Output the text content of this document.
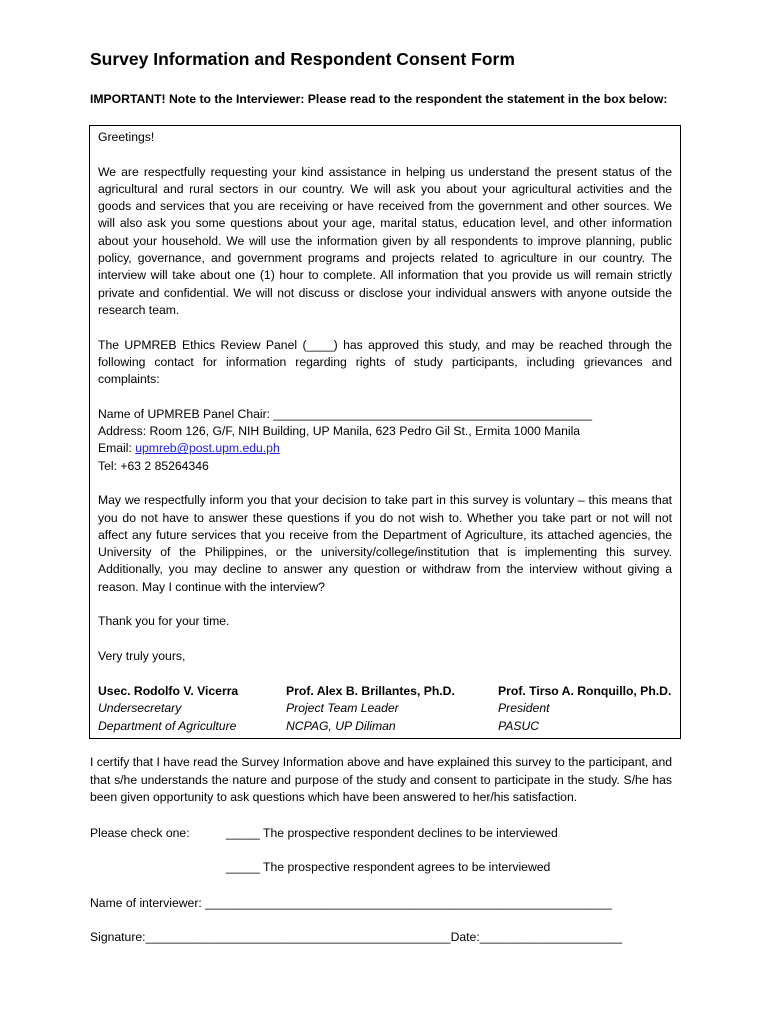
Survey Information and Respondent Consent Form
IMPORTANT! Note to the Interviewer: Please read to the respondent the statement in the box below:

Greetings!

We are respectfully requesting your kind assistance in helping us understand the present status of the agricultural and rural sectors in our country. We will ask you about your agricultural activities and the goods and services that you are receiving or have received from the government and other sources. We will also ask you some questions about your age, marital status, education level, and other information about your household. We will use the information given by all respondents to improve planning, public policy, governance, and government programs and projects related to agriculture in our country. The interview will take about one (1) hour to complete. All information that you provide us will remain strictly private and confidential. We will not discuss or disclose your individual answers with anyone outside the research team.

The UPMREB Ethics Review Panel (____) has approved this study, and may be reached through the following contact for information regarding rights of study participants, including grievances and complaints:

Name of UPMREB Panel Chair: _______________________________________________
Address: Room 126, G/F, NIH Building, UP Manila, 623 Pedro Gil St., Ermita 1000 Manila
Email: upmreb@post.upm.edu.ph
Tel: +63 2 85264346

May we respectfully inform you that your decision to take part in this survey is voluntary – this means that you do not have to answer these questions if you do not wish to. Whether you take part or not will not affect any future services that you receive from the Department of Agriculture, its attached agencies, the University of the Philippines, or the university/college/institution that is implementing this survey. Additionally, you may decline to answer any question or withdraw from the interview without giving a reason. May I continue with the interview?

Thank you for your time.

Very truly yours,

Usec. Rodolfo V. Vicerra
Undersecretary
Department of Agriculture
Prof. Alex B. Brillantes, Ph.D.
Project Team Leader
NCPAG, UP Diliman
Prof. Tirso A. Ronquillo, Ph.D.
President
PASUC

I certify that I have read the Survey Information above and have explained this survey to the participant, and that s/he understands the nature and purpose of the study and consent to participate in the study. S/he has been given opportunity to ask questions which have been answered to her/his satisfaction.

Please check one:	_____ The prospective respondent declines to be interviewed
_____ The prospective respondent agrees to be interviewed
Name of interviewer: ____________________________________________________________
Signature:_____________________________________________Date:_____________________
